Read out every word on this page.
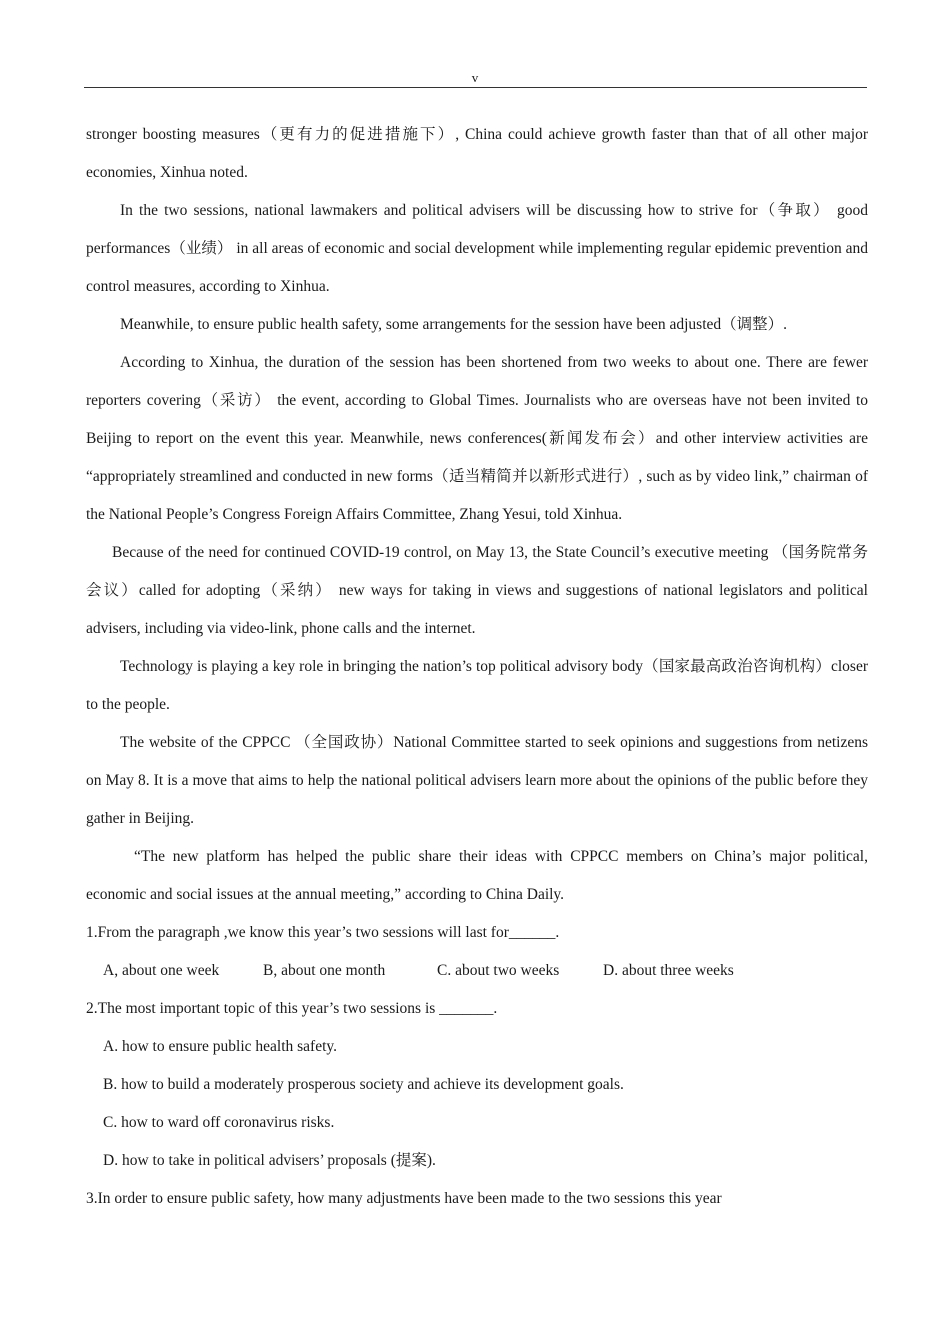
v

stronger boosting measures（更有力的促进措施下）, China could achieve growth faster than that of all other major economies, Xinhua noted.

In the two sessions, national lawmakers and political advisers will be discussing how to strive for（争取） good performances（业绩） in all areas of economic and social development while implementing regular epidemic prevention and control measures, according to Xinhua.

Meanwhile, to ensure public health safety, some arrangements for the session have been adjusted（调整）.

According to Xinhua, the duration of the session has been shortened from two weeks to about one. There are fewer reporters covering（采访） the event, according to Global Times. Journalists who are overseas have not been invited to Beijing to report on the event this year. Meanwhile, news conferences(新闻发布会）and other interview activities are “appropriately streamlined and conducted in new forms（适当精简并以新形式进行）, such as by video link,” chairman of the National People’s Congress Foreign Affairs Committee, Zhang Yesui, told Xinhua.

Because of the need for continued COVID-19 control, on May 13, the State Council’s executive meeting （国务院常务会议）called for adopting（采纳） new ways for taking in views and suggestions of national legislators and political advisers, including via video-link, phone calls and the internet.

Technology is playing a key role in bringing the nation’s top political advisory body（国家最高政治咨询机构）closer to the people.

The website of the CPPCC （全国政协）National Committee started to seek opinions and suggestions from netizens on May 8. It is a move that aims to help the national political advisers learn more about the opinions of the public before they gather in Beijing.

“The new platform has helped the public share their ideas with CPPCC members on China’s major political, economic and social issues at the annual meeting,” according to China Daily.

1.From the paragraph ,we know this year’s two sessions will last for______.

A, about one week	B, about one month	C. about two weeks	D. about three weeks

2.The most important topic of this year’s two sessions is _______.

A. how to ensure public health safety.

B. how to build a moderately prosperous society and achieve its development goals.

C. how to ward off coronavirus risks.

D. how to take in political advisers’ proposals (提案).

3.In order to ensure public safety, how many adjustments have been made to the two sessions this year
